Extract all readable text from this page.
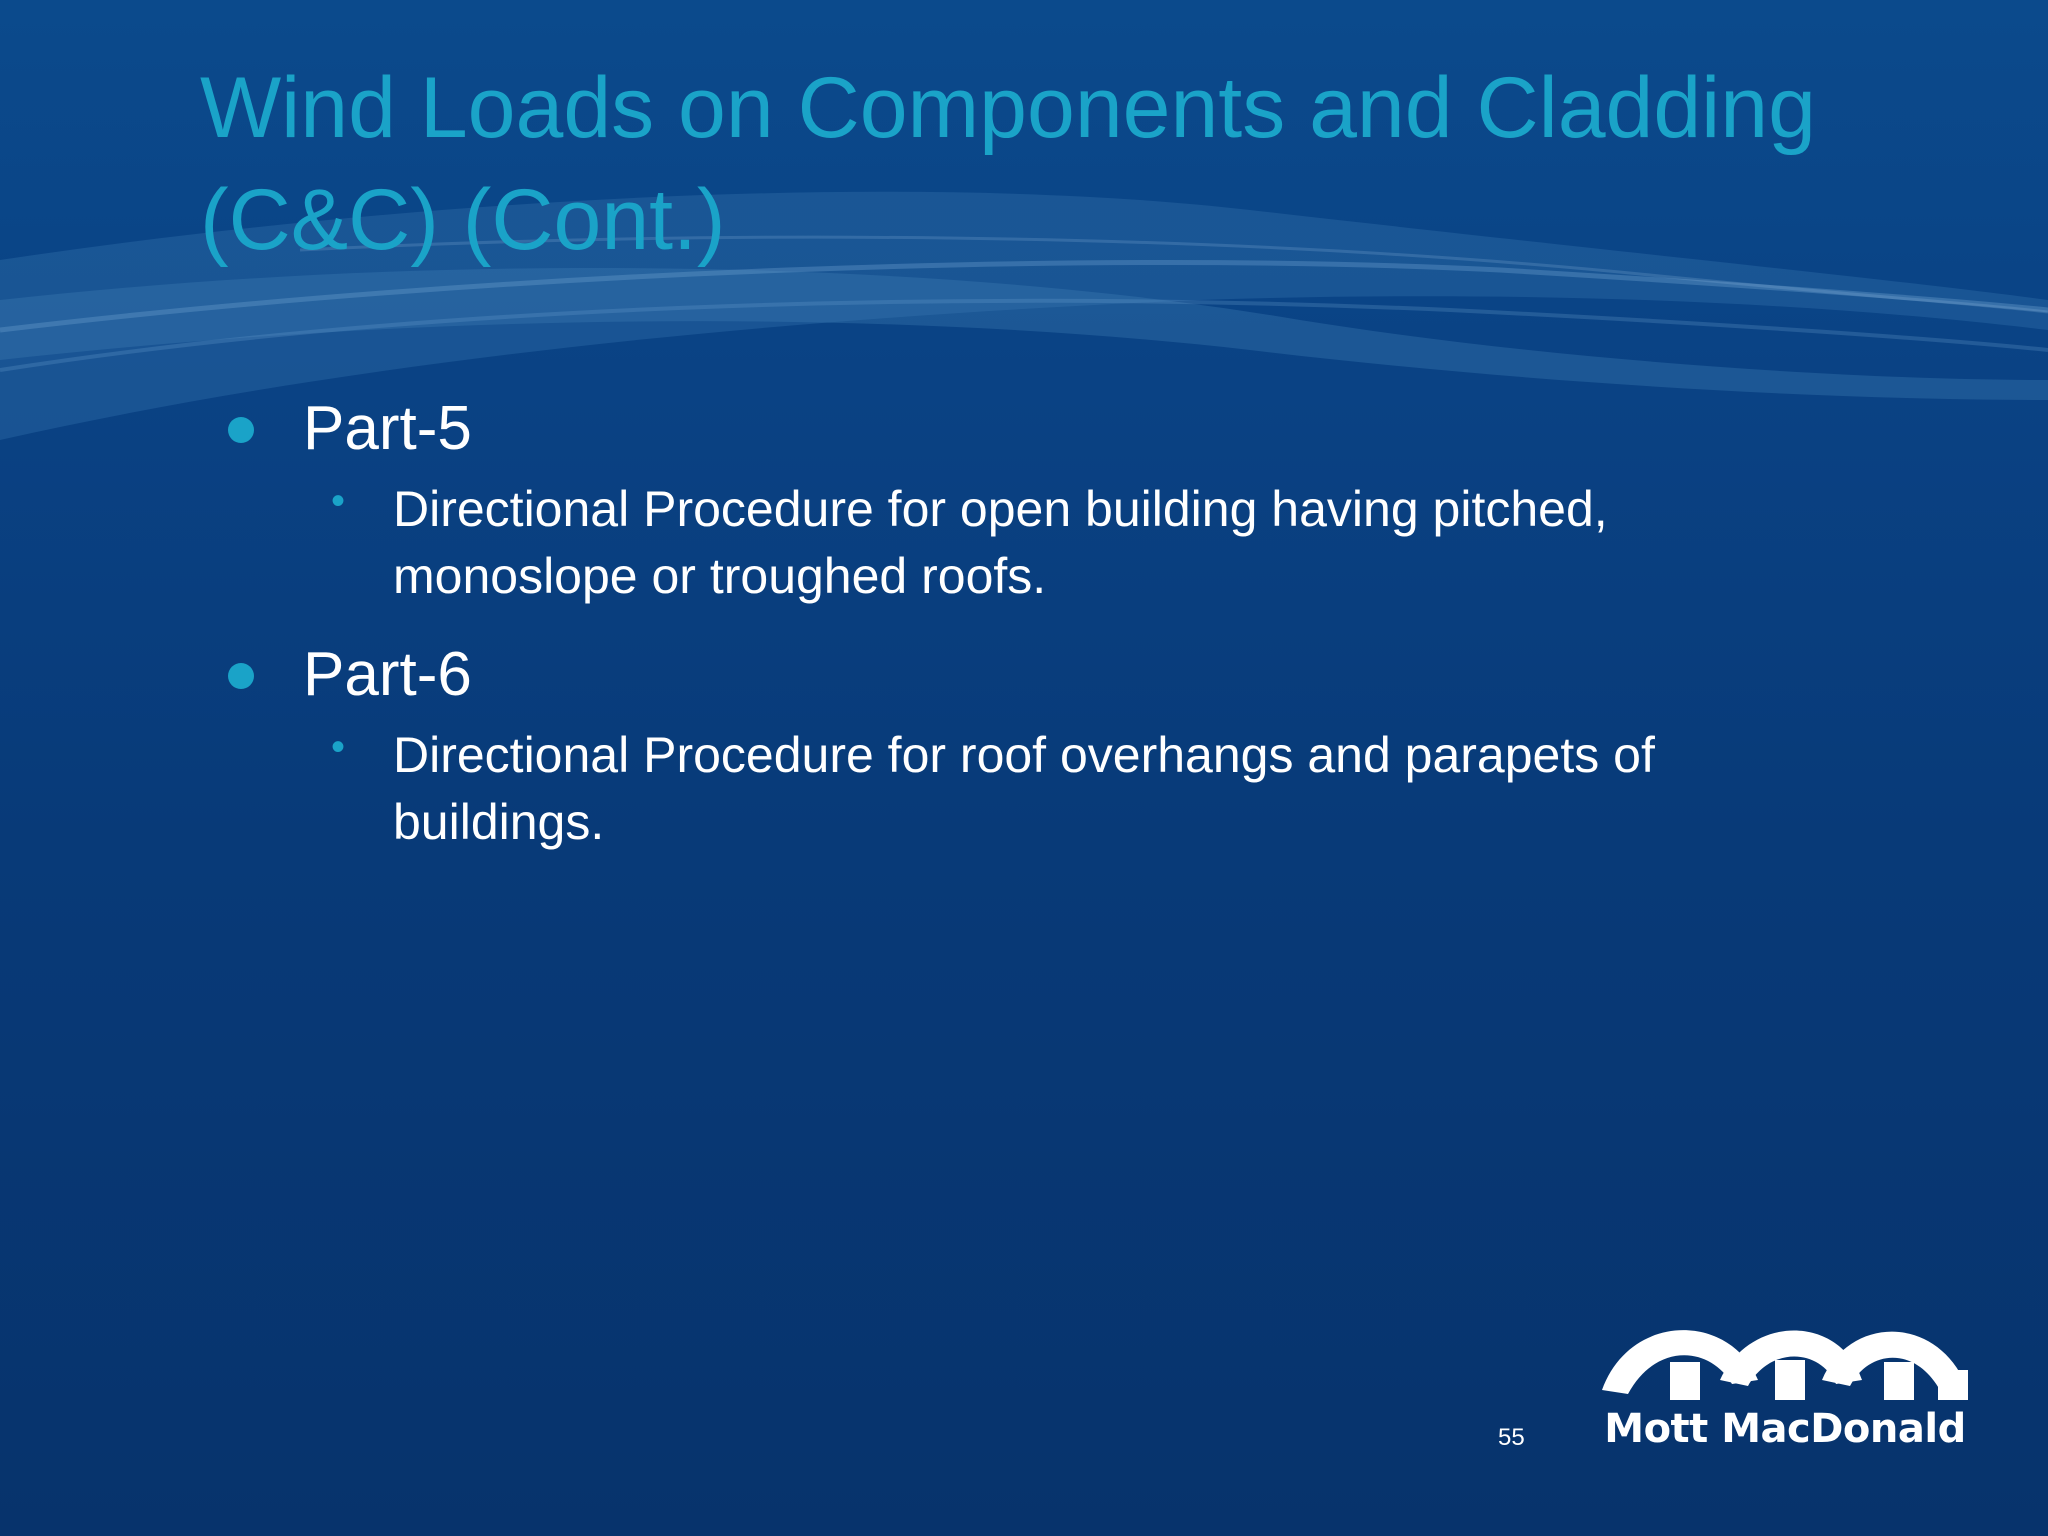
Wind Loads on Components and Cladding
(C&C) (Cont.)
Part-5
• Directional Procedure for open building having pitched, monoslope or troughed roofs.
Part-6
• Directional Procedure for roof overhangs and parapets of buildings.
55 Mott MacDonald
